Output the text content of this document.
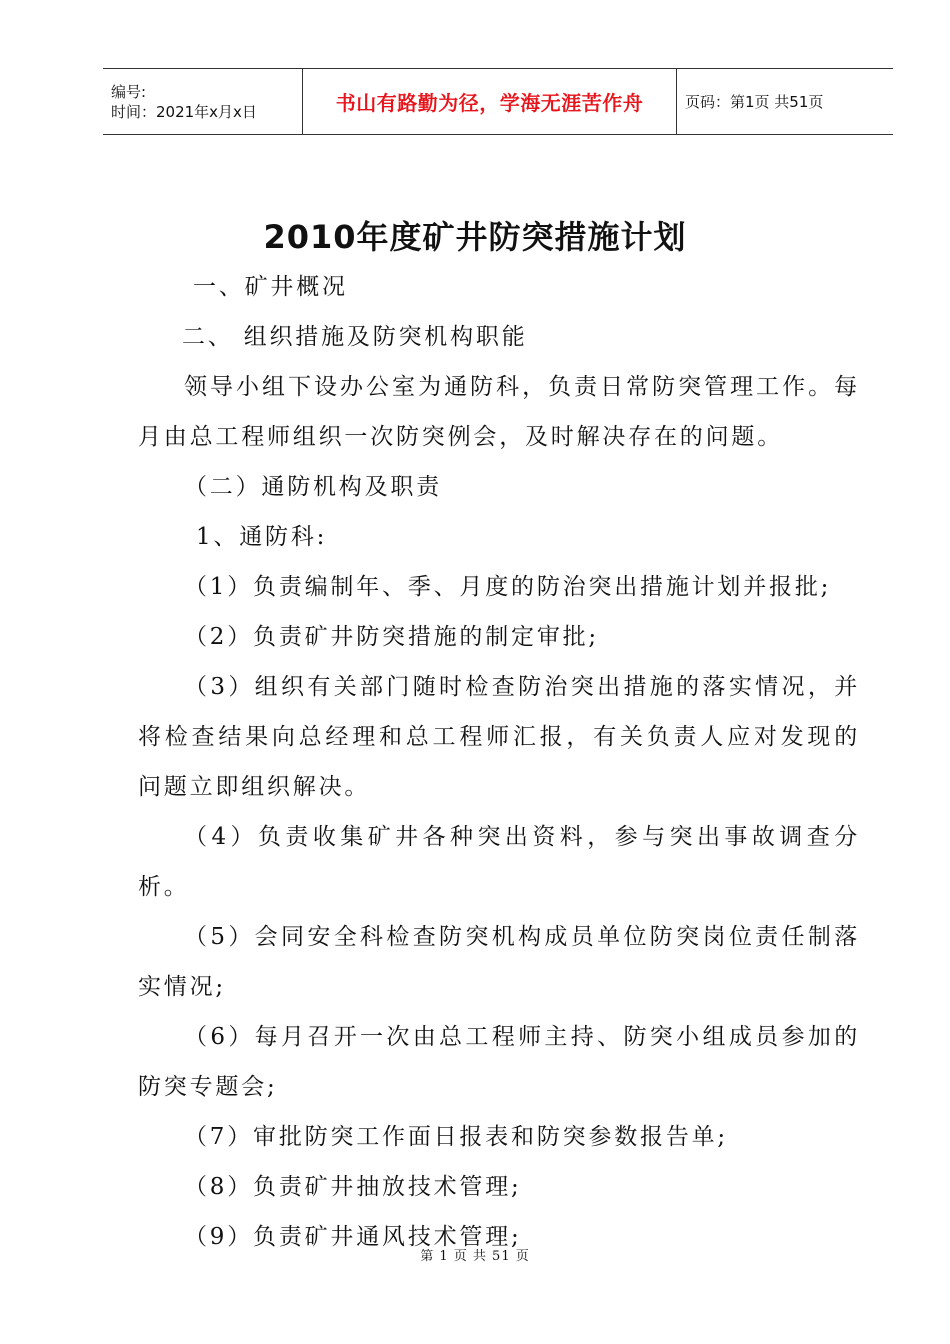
编号:
时间：2021年x月x日	书山有路勤为径，学海无涯苦作舟	页码：第1页 共51页
2010年度矿井防突措施计划

一、矿井概况

二、 组织措施及防突机构职能

领导小组下设办公室为通防科，负责日常防突管理工作。每月由总工程师组织一次防突例会，及时解决存在的问题。

（二）通防机构及职责

1、通防科:

（1）负责编制年、季、月度的防治突出措施计划并报批;

（2）负责矿井防突措施的制定审批;

（3）组织有关部门随时检查防治突出措施的落实情况，并将检查结果向总经理和总工程师汇报，有关负责人应对发现的问题立即组织解决。

（4）负责收集矿井各种突出资料，参与突出事故调查分析。

（5）会同安全科检查防突机构成员单位防突岗位责任制落实情况;

（6）每月召开一次由总工程师主持、防突小组成员参加的防突专题会;

（7）审批防突工作面日报表和防突参数报告单;

（8）负责矿井抽放技术管理;

（9）负责矿井通风技术管理;

第 1 页 共 51 页
